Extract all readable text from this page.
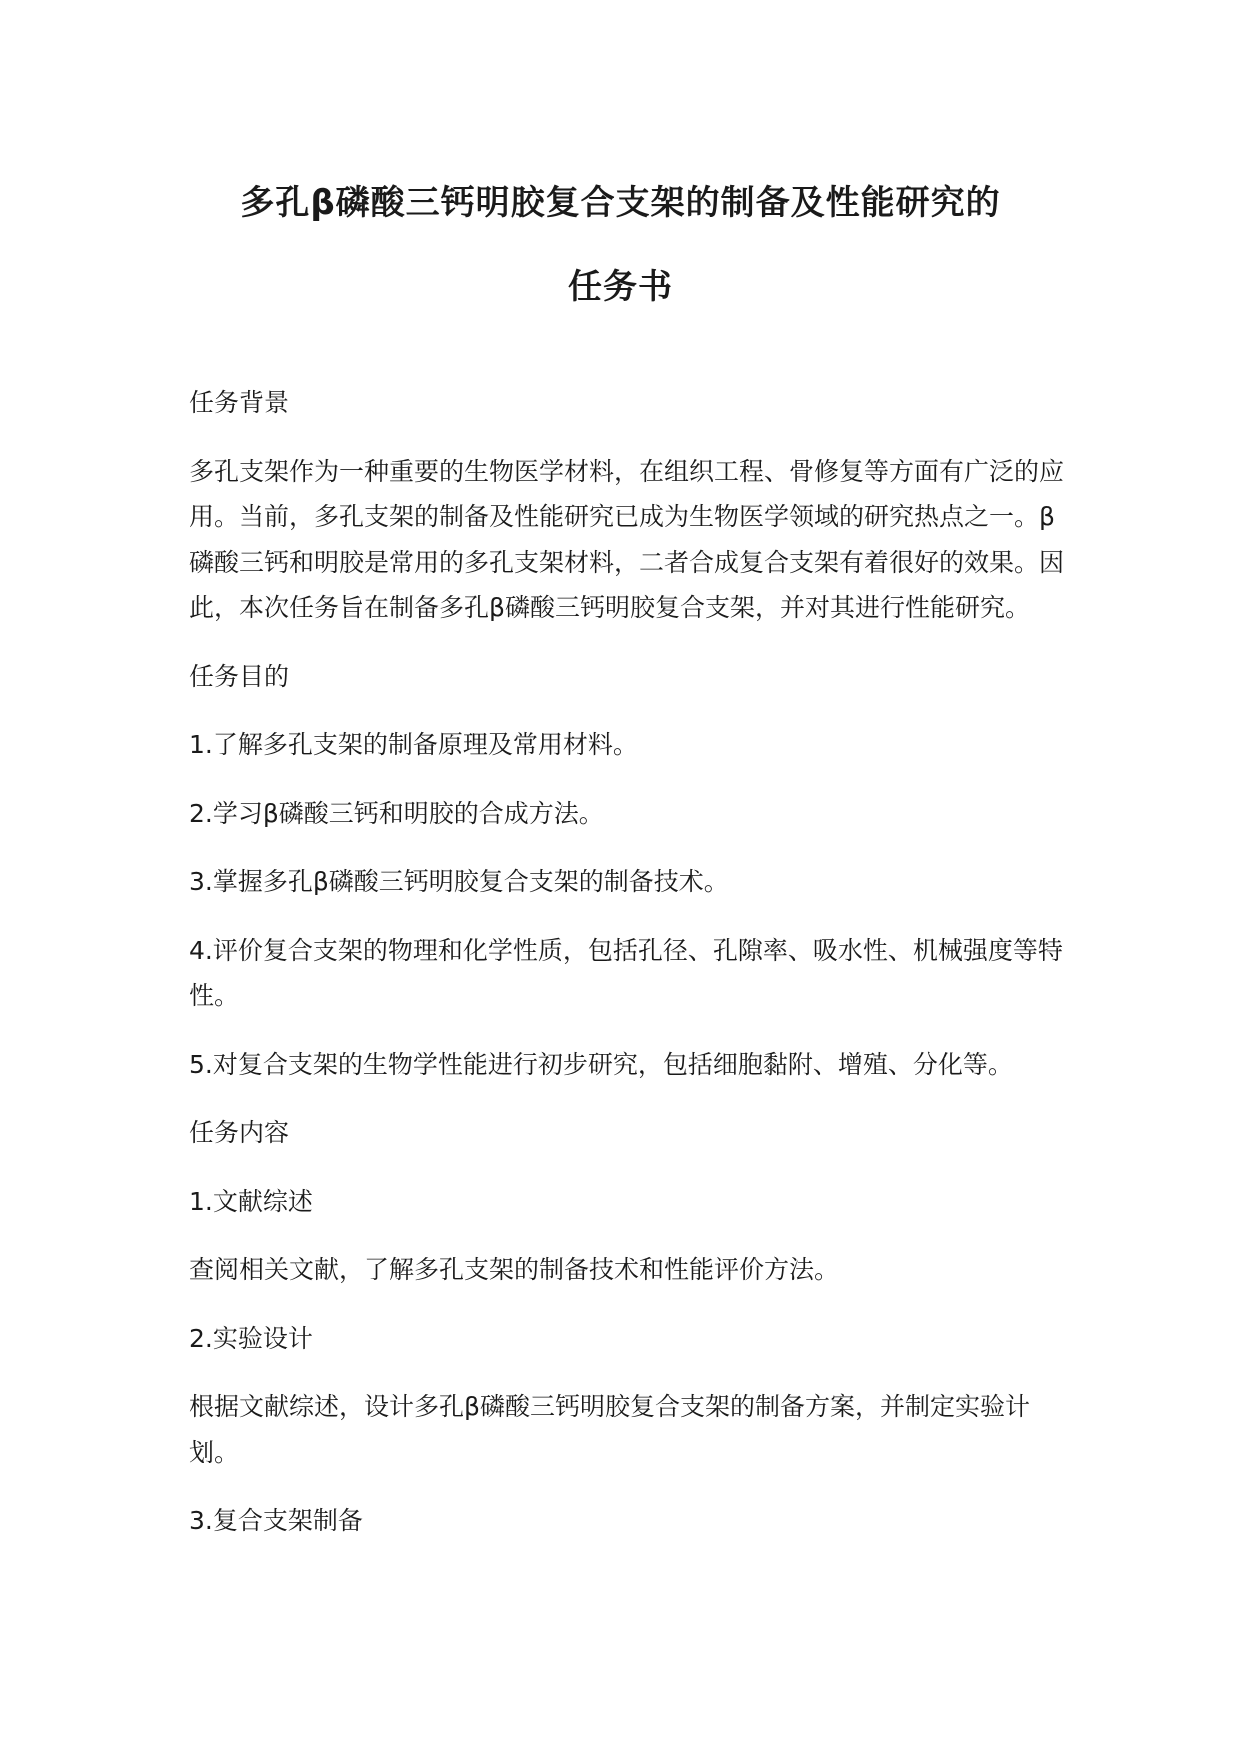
多孔β磷酸三钙明胶复合支架的制备及性能研究的
任务书

任务背景

多孔支架作为一种重要的生物医学材料，在组织工程、骨修复等方面有广泛的应用。当前，多孔支架的制备及性能研究已成为生物医学领域的研究热点之一。β磷酸三钙和明胶是常用的多孔支架材料，二者合成复合支架有着很好的效果。因此，本次任务旨在制备多孔β磷酸三钙明胶复合支架，并对其进行性能研究。

任务目的

1.了解多孔支架的制备原理及常用材料。

2.学习β磷酸三钙和明胶的合成方法。

3.掌握多孔β磷酸三钙明胶复合支架的制备技术。

4.评价复合支架的物理和化学性质，包括孔径、孔隙率、吸水性、机械强度等特性。

5.对复合支架的生物学性能进行初步研究，包括细胞黏附、增殖、分化等。

任务内容

1.文献综述

查阅相关文献，了解多孔支架的制备技术和性能评价方法。

2.实验设计

根据文献综述，设计多孔β磷酸三钙明胶复合支架的制备方案，并制定实验计划。

3.复合支架制备
